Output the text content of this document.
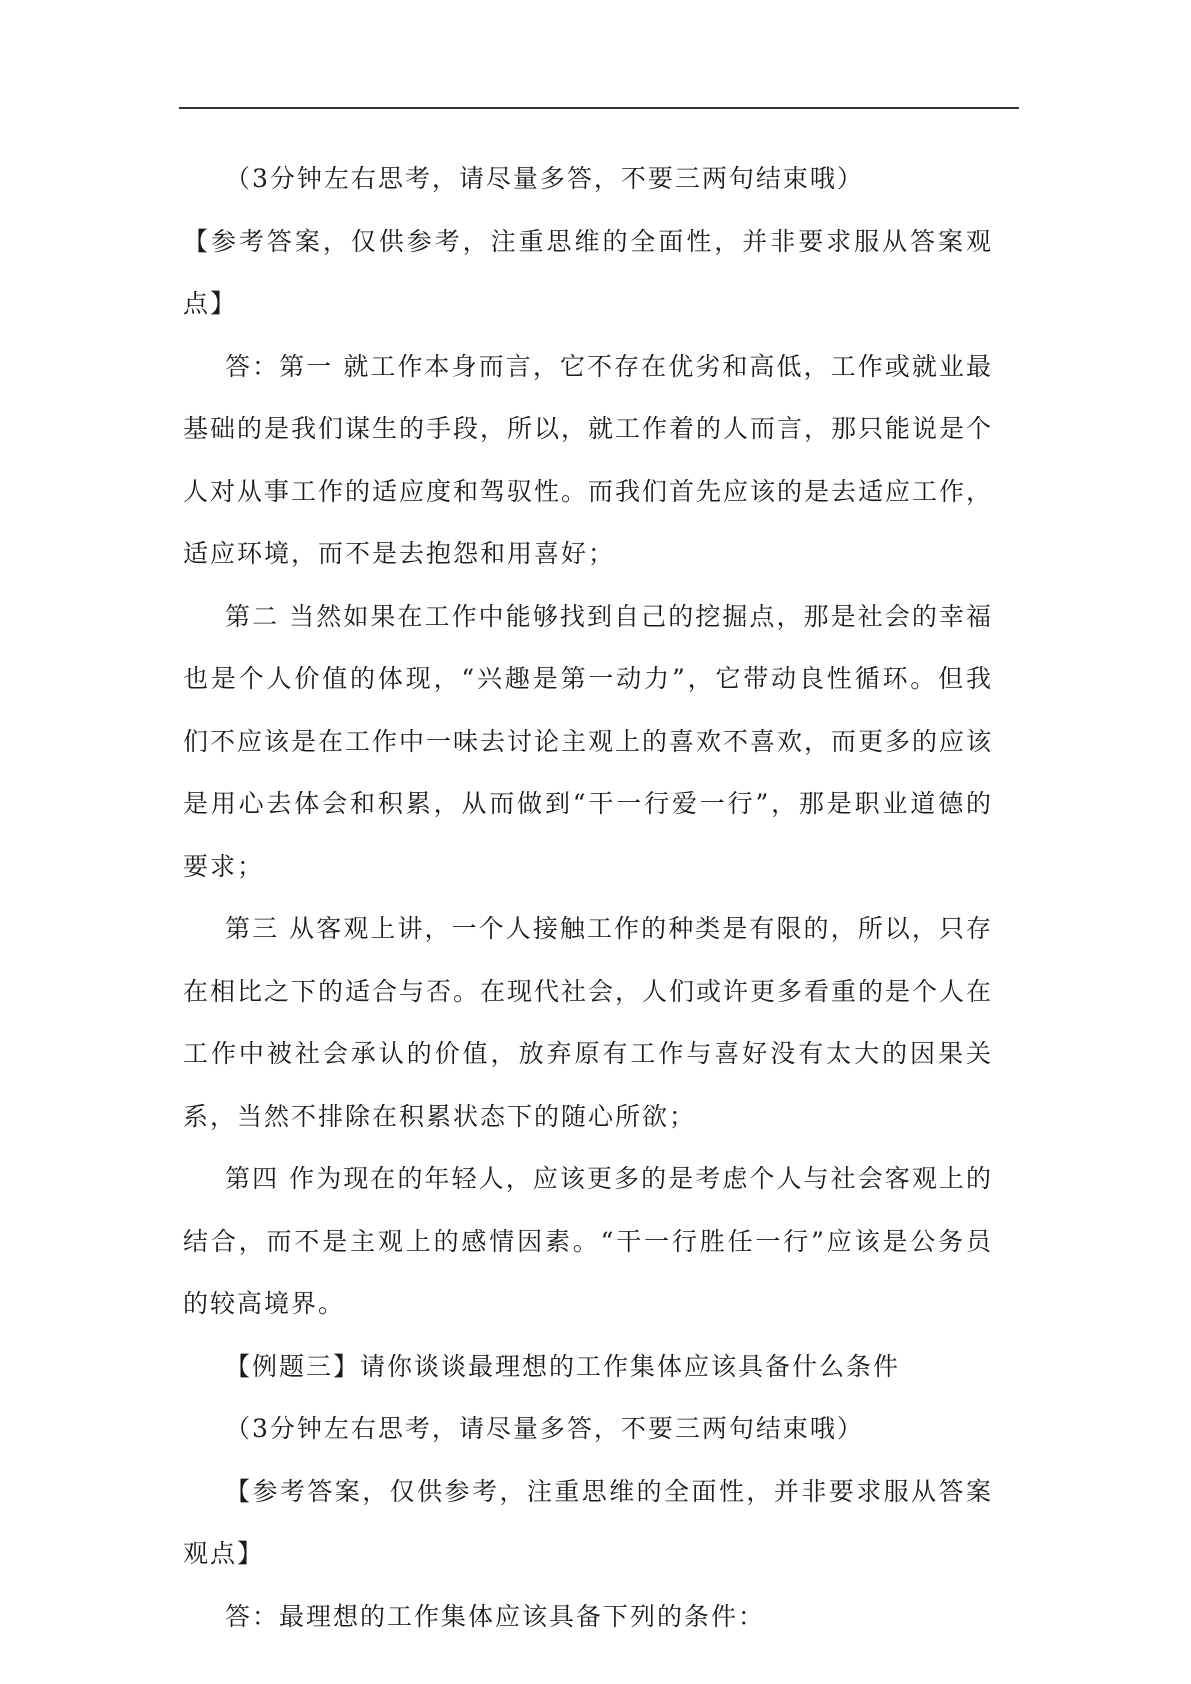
（3分钟左右思考，请尽量多答，不要三两句结束哦）

【参考答案，仅供参考，注重思维的全面性，并非要求服从答案观点】

答：第一 就工作本身而言，它不存在优劣和高低，工作或就业最基础的是我们谋生的手段，所以，就工作着的人而言，那只能说是个人对从事工作的适应度和驾驭性。而我们首先应该的是去适应工作，适应环境，而不是去抱怨和用喜好；

第二 当然如果在工作中能够找到自己的挖掘点，那是社会的幸福也是个人价值的体现，“兴趣是第一动力”，它带动良性循环。但我们不应该是在工作中一味去讨论主观上的喜欢不喜欢，而更多的应该是用心去体会和积累，从而做到“干一行爱一行”，那是职业道德的要求；

第三 从客观上讲，一个人接触工作的种类是有限的，所以，只存在相比之下的适合与否。在现代社会，人们或许更多看重的是个人在工作中被社会承认的价值，放弃原有工作与喜好没有太大的因果关系，当然不排除在积累状态下的随心所欲；

第四 作为现在的年轻人，应该更多的是考虑个人与社会客观上的结合，而不是主观上的感情因素。“干一行胜任一行”应该是公务员的较高境界。

【例题三】请你谈谈最理想的工作集体应该具备什么条件

（3分钟左右思考，请尽量多答，不要三两句结束哦）

【参考答案，仅供参考，注重思维的全面性，并非要求服从答案观点】

答：最理想的工作集体应该具备下列的条件：
